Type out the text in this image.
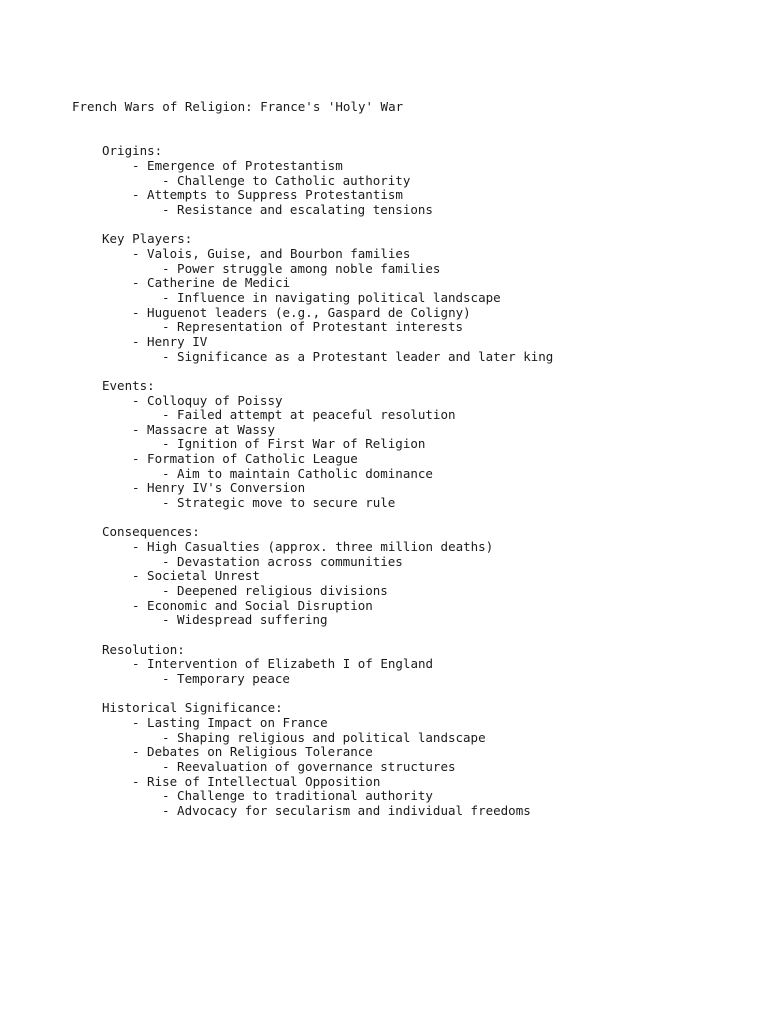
French Wars of Religion: France's 'Holy' War

Origins:
- Emergence of Protestantism
- Challenge to Catholic authority
- Attempts to Suppress Protestantism
- Resistance and escalating tensions
Key Players:
- Valois, Guise, and Bourbon families
- Power struggle among noble families
- Catherine de Medici
- Influence in navigating political landscape
- Huguenot leaders (e.g., Gaspard de Coligny)
- Representation of Protestant interests
- Henry IV
- Significance as a Protestant leader and later king
Events:
- Colloquy of Poissy
- Failed attempt at peaceful resolution
- Massacre at Wassy
- Ignition of First War of Religion
- Formation of Catholic League
- Aim to maintain Catholic dominance
- Henry IV's Conversion
- Strategic move to secure rule
Consequences:
- High Casualties (approx. three million deaths)
- Devastation across communities
- Societal Unrest
- Deepened religious divisions
- Economic and Social Disruption
- Widespread suffering
Resolution:
- Intervention of Elizabeth I of England
- Temporary peace
Historical Significance:
- Lasting Impact on France
- Shaping religious and political landscape
- Debates on Religious Tolerance
- Reevaluation of governance structures
- Rise of Intellectual Opposition
- Challenge to traditional authority
- Advocacy for secularism and individual freedoms
